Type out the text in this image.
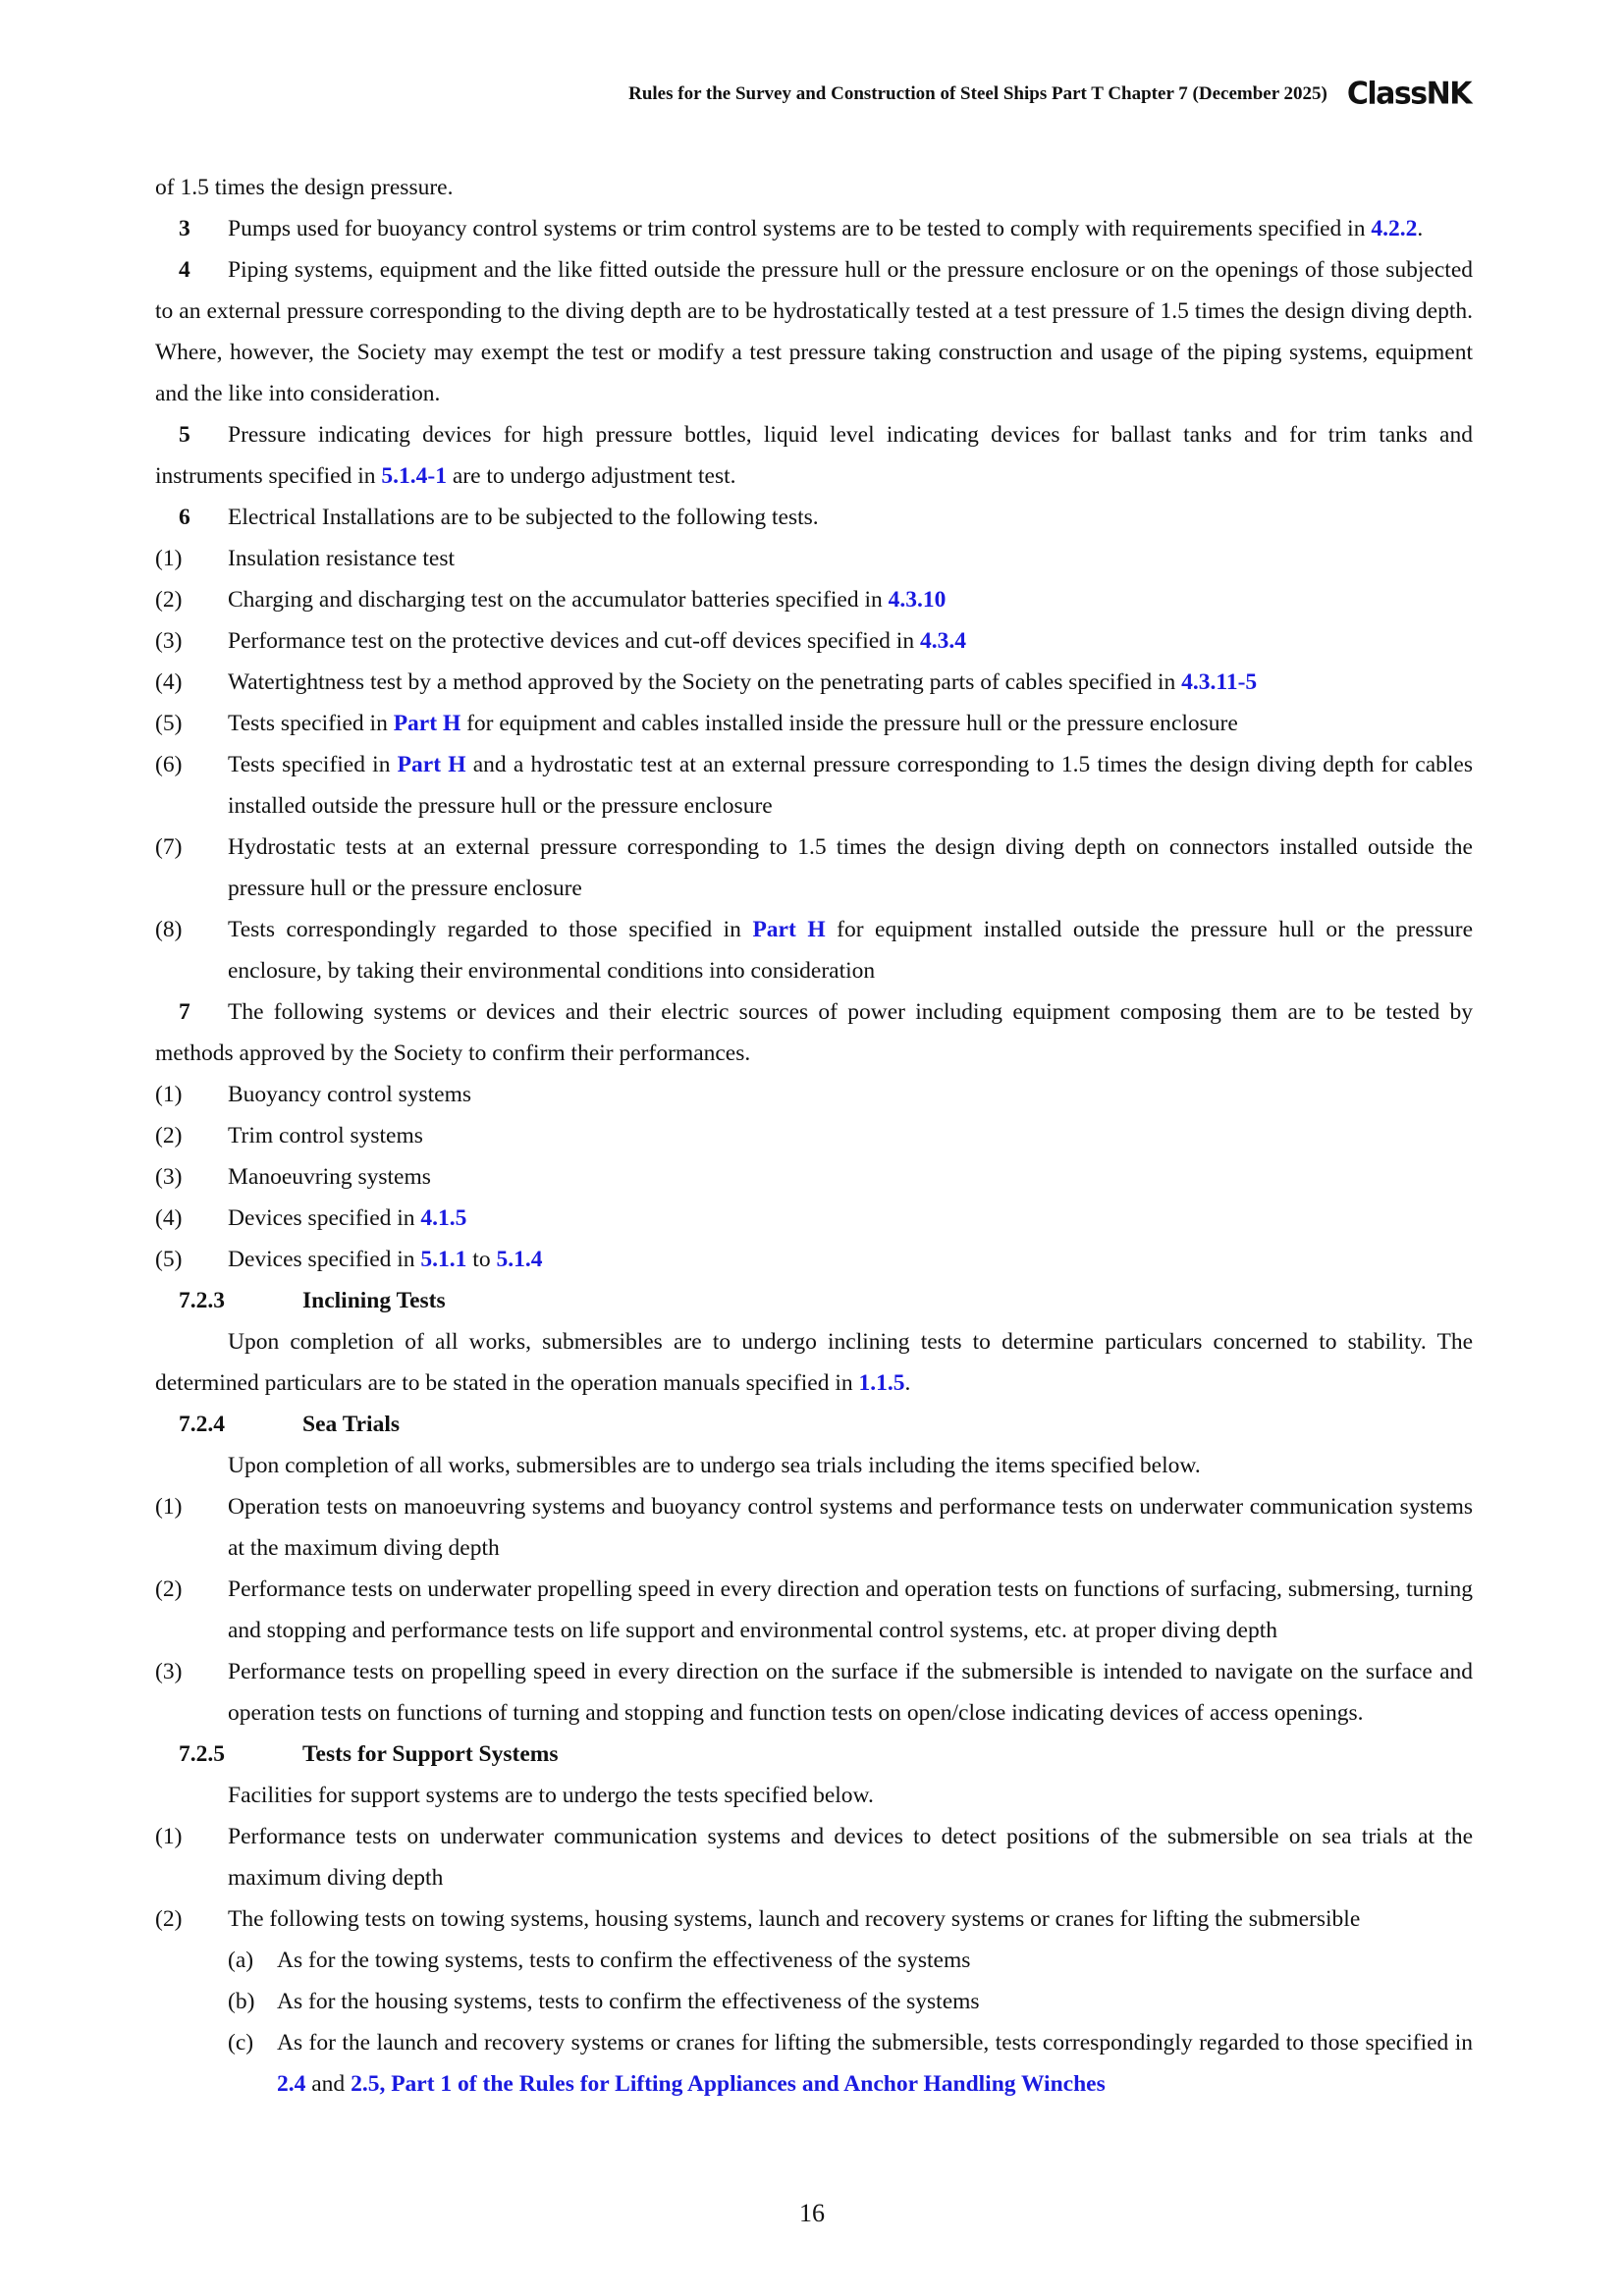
Rules for the Survey and Construction of Steel Ships Part T Chapter 7 (December 2025) ClassNK

of 1.5 times the design pressure.

3 Pumps used for buoyancy control systems or trim control systems are to be tested to comply with requirements specified in 4.2.2.

4 Piping systems, equipment and the like fitted outside the pressure hull or the pressure enclosure or on the openings of those subjected to an external pressure corresponding to the diving depth are to be hydrostatically tested at a test pressure of 1.5 times the design diving depth. Where, however, the Society may exempt the test or modify a test pressure taking construction and usage of the piping systems, equipment and the like into consideration.

5 Pressure indicating devices for high pressure bottles, liquid level indicating devices for ballast tanks and for trim tanks and instruments specified in 5.1.4-1 are to undergo adjustment test.

6 Electrical Installations are to be subjected to the following tests.

(1)	Insulation resistance test
(2)	Charging and discharging test on the accumulator batteries specified in 4.3.10
(3)	Performance test on the protective devices and cut-off devices specified in 4.3.4
(4)	Watertightness test by a method approved by the Society on the penetrating parts of cables specified in 4.3.11-5
(5)	Tests specified in Part H for equipment and cables installed inside the pressure hull or the pressure enclosure
(6)	Tests specified in Part H and a hydrostatic test at an external pressure corresponding to 1.5 times the design diving depth for cables installed outside the pressure hull or the pressure enclosure
(7)	Hydrostatic tests at an external pressure corresponding to 1.5 times the design diving depth on connectors installed outside the pressure hull or the pressure enclosure
(8)	Tests correspondingly regarded to those specified in Part H for equipment installed outside the pressure hull or the pressure enclosure, by taking their environmental conditions into consideration

7 The following systems or devices and their electric sources of power including equipment composing them are to be tested by methods approved by the Society to confirm their performances.

(1)	Buoyancy control systems
(2)	Trim control systems
(3)	Manoeuvring systems
(4)	Devices specified in 4.1.5
(5)	Devices specified in 5.1.1 to 5.1.4
7.2.3	Inclining Tests

Upon completion of all works, submersibles are to undergo inclining tests to determine particulars concerned to stability. The determined particulars are to be stated in the operation manuals specified in 1.1.5.

7.2.4	Sea Trials

Upon completion of all works, submersibles are to undergo sea trials including the items specified below.

(1)	Operation tests on manoeuvring systems and buoyancy control systems and performance tests on underwater communication systems at the maximum diving depth
(2)	Performance tests on underwater propelling speed in every direction and operation tests on functions of surfacing, submersing, turning and stopping and performance tests on life support and environmental control systems, etc. at proper diving depth
(3)	Performance tests on propelling speed in every direction on the surface if the submersible is intended to navigate on the surface and operation tests on functions of turning and stopping and function tests on open/close indicating devices of access openings.
7.2.5	Tests for Support Systems

Facilities for support systems are to undergo the tests specified below.

(1)	Performance tests on underwater communication systems and devices to detect positions of the submersible on sea trials at the maximum diving depth
(2)	The following tests on towing systems, housing systems, launch and recovery systems or cranes for lifting the submersible
(a)	As for the towing systems, tests to confirm the effectiveness of the systems
(b) As for the housing systems, tests to confirm the effectiveness of the systems
(c)	As for the launch and recovery systems or cranes for lifting the submersible, tests correspondingly regarded to those specified in 2.4 and 2.5, Part 1 of the Rules for Lifting Appliances and Anchor Handling Winches
16
